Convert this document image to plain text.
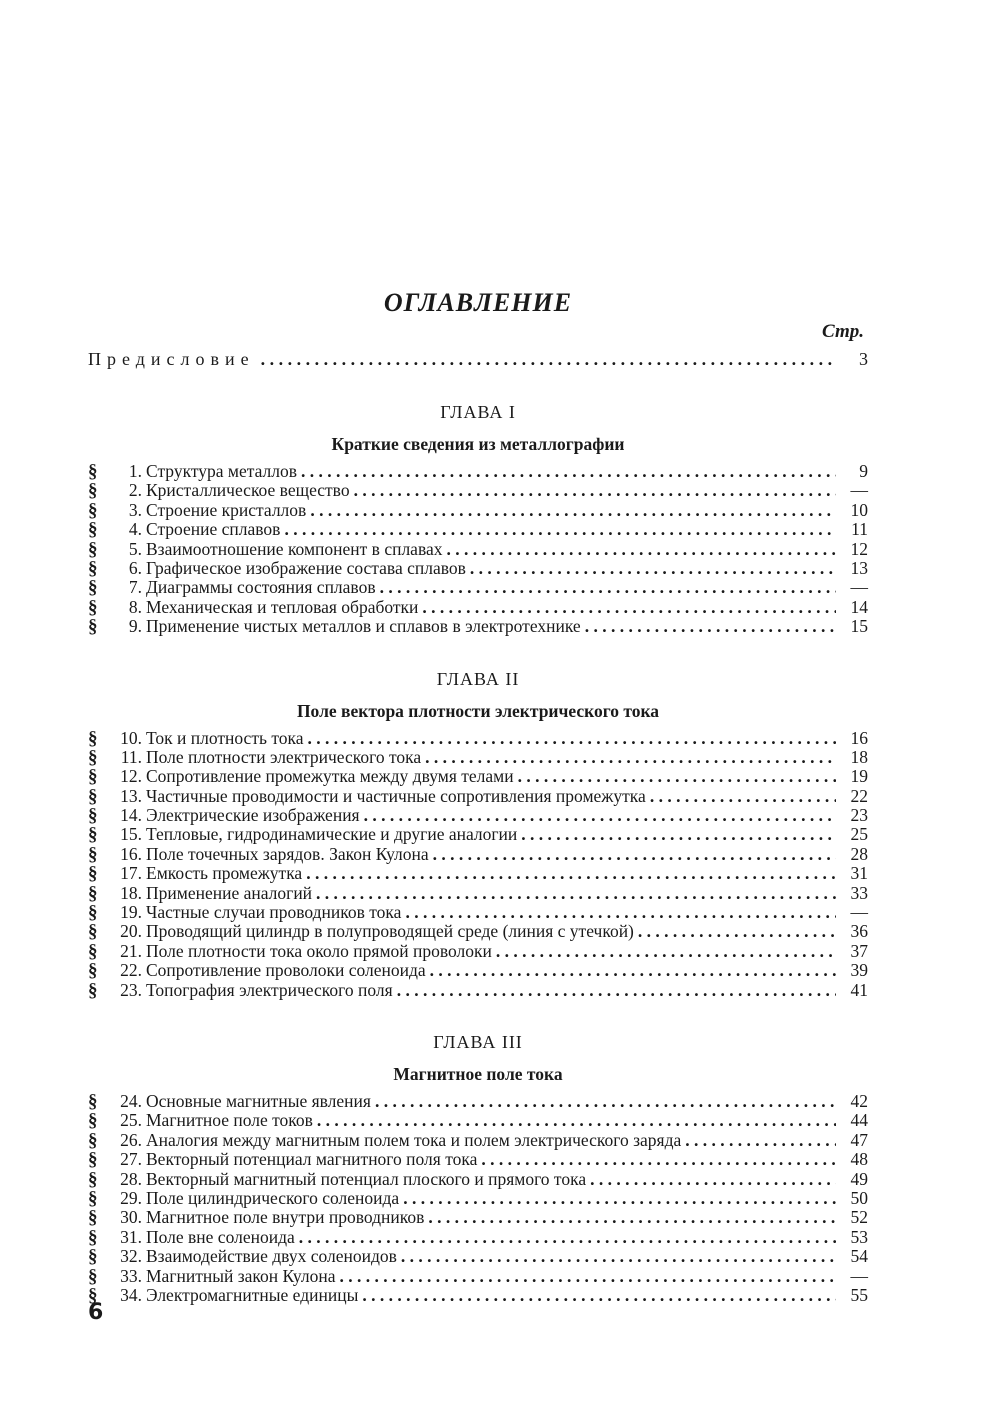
ОГЛАВЛЕНИЕ
Стр.
Предисловие . . .	3
ГЛАВА I
Краткие сведения из металлографии
§	1. Структура металлов . . .	9
§	2. Кристаллическое вещество . . .	—
§	3. Строение кристаллов . . .	10
§	4. Строение сплавов . . .	11
§	5. Взаимоотношение компонент в сплавах . . .	12
§	6. Графическое изображение состава сплавов . . .	13
§	7. Диаграммы состояния сплавов . . .	—
§	8. Механическая и тепловая обработки . . .	14
§	9. Применение чистых металлов и сплавов в электротехнике . . .	15
ГЛАВА II
Поле вектора плотности электрического тока
§	10. Ток и плотность тока . . .	16
§	11. Поле плотности электрического тока . . .	18
§	12. Сопротивление промежутка между двумя телами . . .	19
§	13. Частичные проводимости и частичные сопротивления промежутка . . .	22
§	14. Электрические изображения . . .	23
§	15. Тепловые, гидродинамические и другие аналогии . . .	25
§	16. Поле точечных зарядов. Закон Кулона . . .	28
§	17. Емкость промежутка . . .	31
§	18. Применение аналогий . . .	33
§	19. Частные случаи проводников тока . . .	—
§	20. Проводящий цилиндр в полупроводящей среде (линия с утечкой) . . .	36
§	21. Поле плотности тока около прямой проволоки . . .	37
§	22. Сопротивление проволоки соленоида . . .	39
§	23. Топография электрического поля . . .	41
ГЛАВА III
Магнитное поле тока
§	24. Основные магнитные явления . . .	42
§	25. Магнитное поле токов . . .	44
§	26. Аналогия между магнитным полем тока и полем электрического заряда . . .	47
§	27. Векторный потенциал магнитного поля тока . . .	48
§	28. Векторный магнитный потенциал плоского и прямого тока . . .	49
§	29. Поле цилиндрического соленоида . . .	50
§	30. Магнитное поле внутри проводников . . .	52
§	31. Поле вне соленоида . . .	53
§	32. Взаимодействие двух соленоидов . . .	54
§	33. Магнитный закон Кулона . . .	—
§	34. Электромагнитные единицы . . .	55
6
